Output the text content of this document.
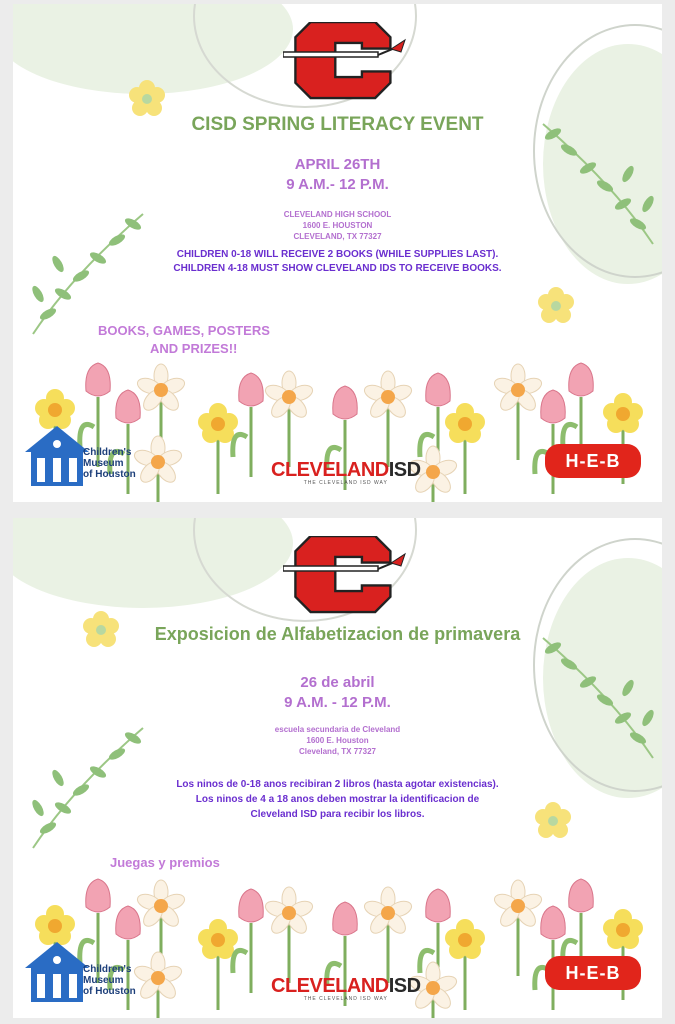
CISD SPRING LITERACY EVENT
APRIL 26TH
9 A.M.- 12 P.M.
CLEVELAND HIGH SCHOOL
1600 E. HOUSTON
CLEVELAND, TX 77327
CHILDREN 0-18 WILL RECEIVE 2 BOOKS (WHILE SUPPLIES LAST).
CHILDREN 4-18 MUST SHOW CLEVELAND IDS TO RECEIVE BOOKS.
BOOKS, GAMES, POSTERS
AND PRIZES!!
Children's
Museum
of Houston	CLEVELANDISD
THE CLEVELAND ISD WAY
H-E-B
Exposicion de Alfabetizacion de primavera
26 de abril
9 A.M. - 12 P.M.
escuela secundaria de Cleveland
1600 E. Houston
Cleveland, TX 77327
Los ninos de 0-18 anos recibiran 2 libros (hasta agotar existencias).
Los ninos de 4 a 18 anos deben mostrar la identificacion de
Cleveland ISD para recibir los libros.
Juegas y premios
Children's
Museum
of Houston	CLEVELANDISD
THE CLEVELAND ISD WAY
H-E-B
